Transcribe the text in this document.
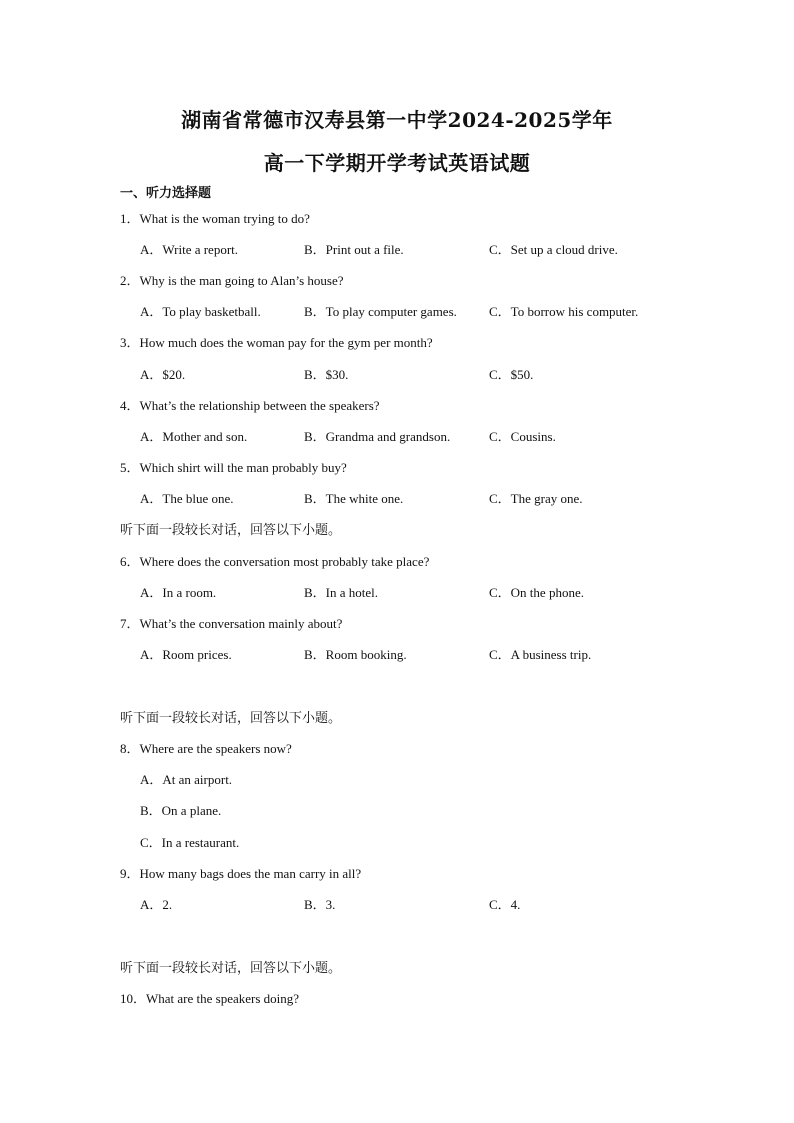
湖南省常德市汉寿县第一中学2024-2025学年
高一下学期开学考试英语试题
一、听力选择题
1．What is the woman trying to do?
A．Write a report.	B．Print out a file.	C．Set up a cloud drive.
2．Why is the man going to Alan’s house?
A．To play basketball.	B．To play computer games. C．To borrow his computer.
3．How much does the woman pay for the gym per month?
A．$20.	B．$30.	C．$50.
4．What’s the relationship between the speakers?
A．Mother and son.	B．Grandma and grandson.	C．Cousins.
5．Which shirt will the man probably buy?
A．The blue one.	B．The white one.	C．The gray one.
听下面一段较长对话，回答以下小题。
6．Where does the conversation most probably take place?
A．In a room.	B．In a hotel.	C．On the phone.
7．What’s the conversation mainly about?
A．Room prices.	B．Room booking.	C．A business trip.
听下面一段较长对话，回答以下小题。
8．Where are the speakers now?
A．At an airport.
B．On a plane.
C．In a restaurant.
9．How many bags does the man carry in all?
A．2.	B．3.	C．4.
听下面一段较长对话，回答以下小题。
10．What are the speakers doing?
